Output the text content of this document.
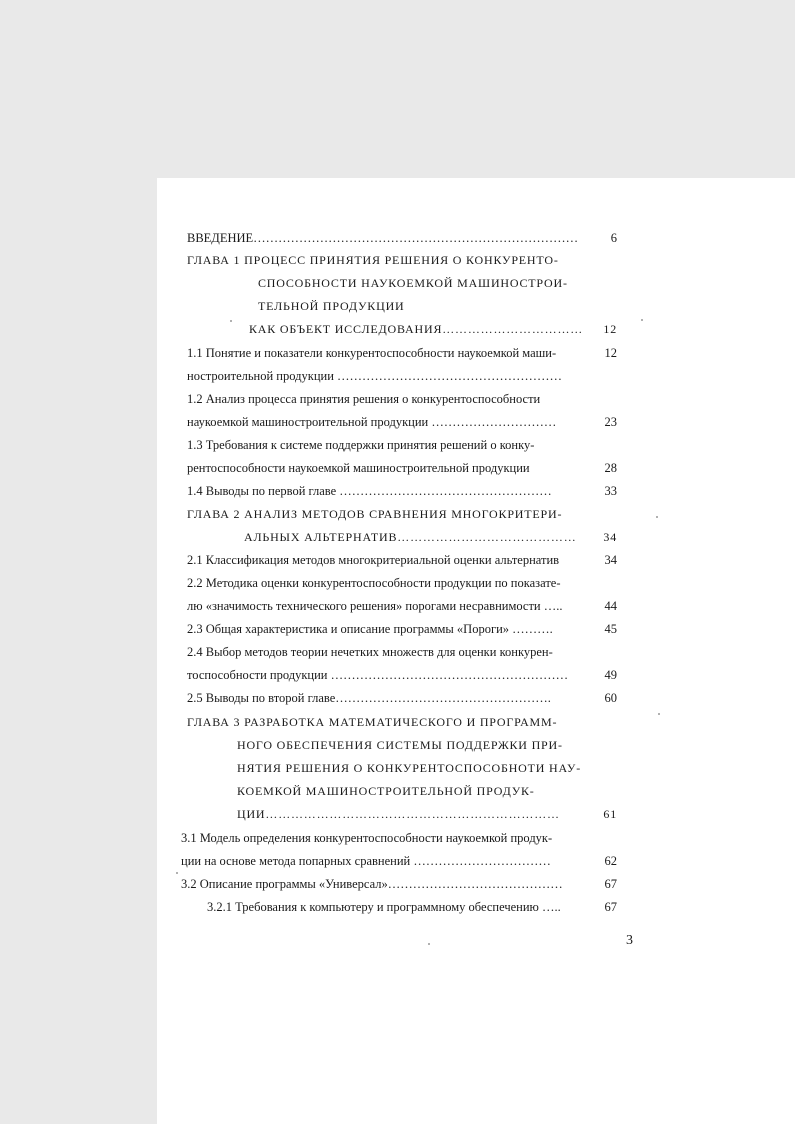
ВВЕДЕНИЕ……………………………………………………………………	6
ГЛАВА 1 ПРОЦЕСС ПРИНЯТИЯ РЕШЕНИЯ О КОНКУРЕНТО-
СПОСОБНОСТИ НАУКОЕМКОЙ МАШИНОСТРОИ-
ТЕЛЬНОЙ ПРОДУКЦИИ
КАК ОБЪЕКТ ИССЛЕДОВАНИЯ……………………………	12
1.1 Понятие и показатели конкурентоспособности наукоемкой маши-	12
ностроительной продукции ………………………………………………
1.2 Анализ процесса принятия решения о конкурентоспособности
наукоемкой машиностроительной продукции …………………………	23
1.3 Требования к системе поддержки принятия решений о конку-
рентоспособности наукоемкой машиностроительной продукции	28
1.4 Выводы по первой главе ……………………………………………	33
ГЛАВА 2 АНАЛИЗ МЕТОДОВ СРАВНЕНИЯ МНОГОКРИТЕРИ-
АЛЬНЫХ АЛЬТЕРНАТИВ……………………………………	34
2.1 Классификация методов многокритериальной оценки альтернатив	34
2.2 Методика оценки конкурентоспособности продукции по показате-
лю «значимость технического решения» порогами несравнимости …..	44
2.3 Общая характеристика и описание программы «Пороги» ……….	45
2.4 Выбор методов теории нечетких множеств для оценки конкурен-
тоспособности продукции …………………………………………………	49
2.5 Выводы по второй главе…………………………………………….	60
ГЛАВА 3 РАЗРАБОТКА МАТЕМАТИЧЕСКОГО И ПРОГРАММ-
НОГО ОБЕСПЕЧЕНИЯ СИСТЕМЫ ПОДДЕРЖКИ ПРИ-
НЯТИЯ РЕШЕНИЯ О КОНКУРЕНТОСПОСОБНОТИ НАУ-
КОЕМКОЙ МАШИНОСТРОИТЕЛЬНОЙ ПРОДУК-
ЦИИ……………………………………………………………	61
3.1 Модель определения конкурентоспособности наукоемкой продук-
ции на основе метода попарных сравнений ……………………………	62
3.2 Описание программы «Универсал»……………………………………	67
3.2.1 Требования к компьютеру и программному обеспечению …..	67
3
